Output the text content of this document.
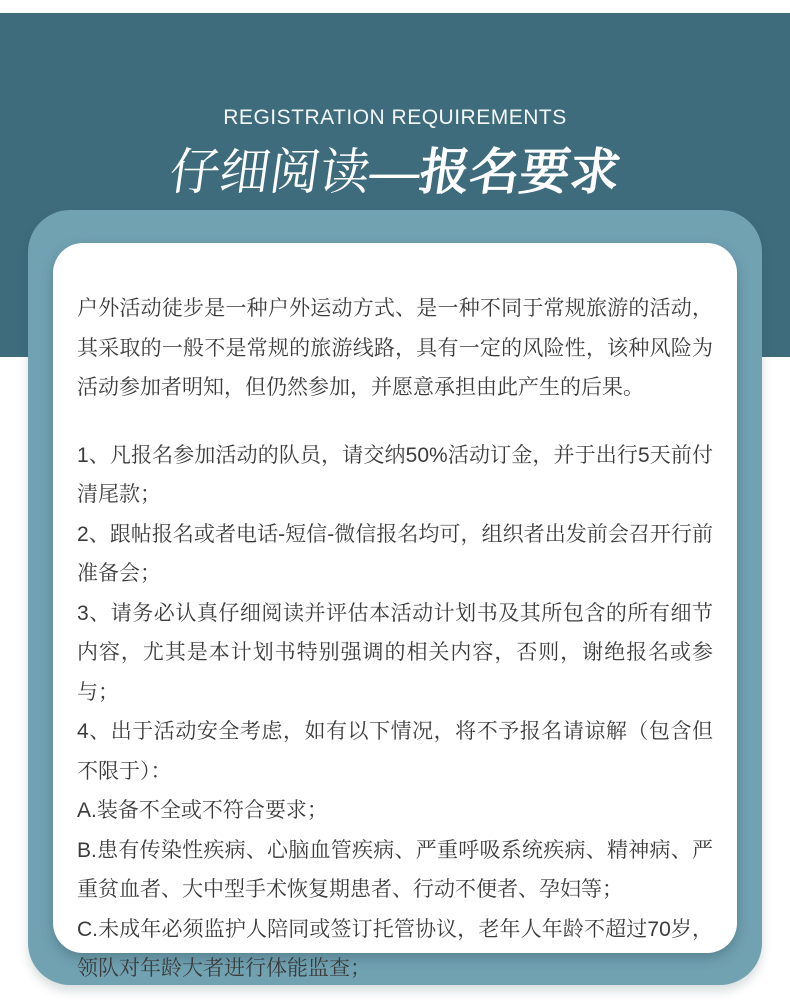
REGISTRATION REQUIREMENTS
仔细阅读—报名要求

户外活动徒步是一种户外运动方式、是一种不同于常规旅游的活动，其采取的一般不是常规的旅游线路，具有一定的风险性，该种风险为活动参加者明知，但仍然参加，并愿意承担由此产生的后果。

1、凡报名参加活动的队员，请交纳50%活动订金，并于出行5天前付清尾款；

2、跟帖报名或者电话-短信-微信报名均可，组织者出发前会召开行前准备会；

3、请务必认真仔细阅读并评估本活动计划书及其所包含的所有细节内容，尤其是本计划书特别强调的相关内容，否则，谢绝报名或参与；

4、出于活动安全考虑，如有以下情况，将不予报名请谅解（包含但不限于）：

A.装备不全或不符合要求；

B.患有传染性疾病、心脑血管疾病、严重呼吸系统疾病、精神病、严重贫血者、大中型手术恢复期患者、行动不便者、孕妇等；

C.未成年必须监护人陪同或签订托管协议，老年人年龄不超过70岁，领队对年龄大者进行体能监查；
